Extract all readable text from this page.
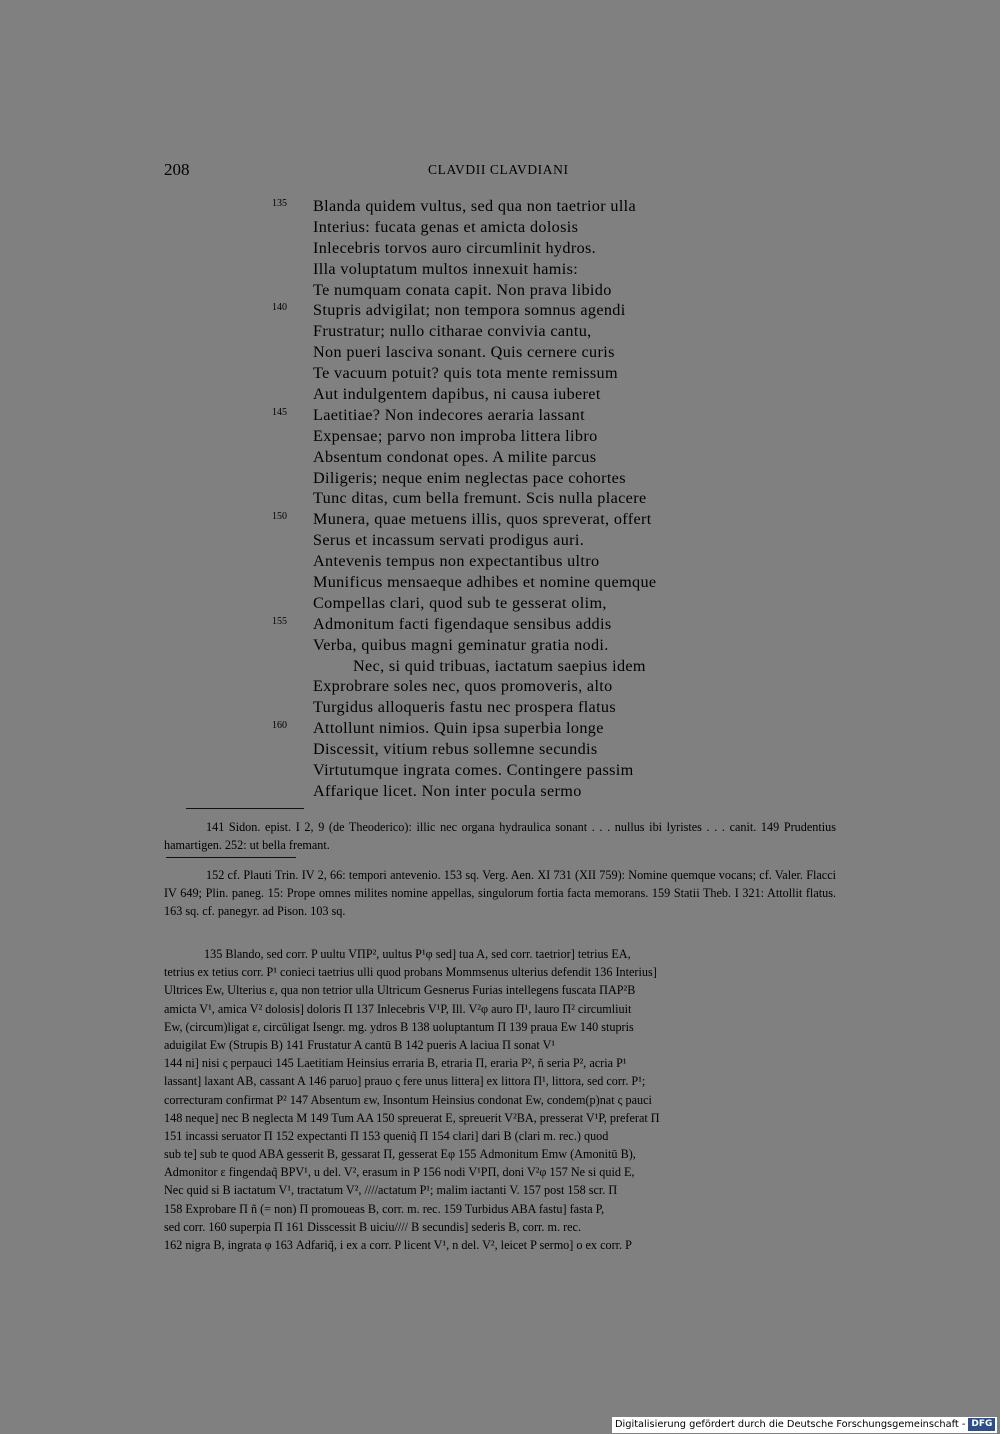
208	CLAVDII CLAVDIANI
135 Blanda quidem vultus, sed qua non taetrior ulla
Interius: fucata genas et amicta dolosis
Inlecebris torvos auro circumlinit hydros.
Illa voluptatum multos innexuit hamis:
Te numquam conata capit. Non prava libido
140 Stupris advigilat; non tempora somnus agendi
Frustratur; nullo citharae convivia cantu,
Non pueri lasciva sonant. Quis cernere curis
Te vacuum potuit? quis tota mente remissum
Aut indulgentem dapibus, ni causa iuberet
145 Laetitiae? Non indecores aeraria lassant
Expensae; parvo non improba littera libro
Absentum condonat opes. A milite parcus
Diligeris; neque enim neglectas pace cohortes
Tunc ditas, cum bella fremunt. Scis nulla placere
150 Munera, quae metuens illis, quos spreverat, offert
Serus et incassum servati prodigus auri.
Antevenis tempus non expectantibus ultro
Munificus mensaeque adhibes et nomine quemque
Compellas clari, quod sub te gesserat olim,
155 Admonitum facti figendaque sensibus addis
Verba, quibus magni geminatur gratia nodi.
Nec, si quid tribuas, iactatum saepius idem
Exprobrare soles nec, quos promoveris, alto
Turgidus alloqueris fastu nec prospera flatus
160 Attollunt nimios. Quin ipsa superbia longe
Discessit, vitium rebus sollemne secundis
Virtutumque ingrata comes. Contingere passim
Affarique licet. Non inter pocula sermo

141 Sidon. epist. I 2, 9 (de Theoderico): illic nec organa hydraulica sonant . . . nullus ibi lyristes . . . canit. 149 Prudentius hamartigen. 252: ut bella fremant.

152 cf. Plauti Trin. IV 2, 66: tempori antevenio. 153 sq. Verg. Aen. XI 731 (XII 759): Nomine quemque vocans; cf. Valer. Flacci IV 649; Plin. paneg. 15: Prope omnes milites nomine appellas, singulorum fortia facta memorans. 159 Statii Theb. I 321: Attollit flatus. 163 sq. cf. panegyr. ad Pison. 103 sq.

135 Blando, sed corr. P uultu VΠP², uultus P¹φ sed] tua A, sed corr. taetrior] tetrius EA,
tetrius ex tetius corr. P¹ conieci taetrius ulli quod probans Mommsenus ulterius defendit 136 Interius]
Ultrices Ew, Ulterius ε, qua non tetrior ulla Ultricum Gesnerus Furias intellegens fuscata ΠAP²B
amicta V¹, amica V² dolosis] doloris Π 137 Inlecebris V¹P, Ill. V²φ auro Π¹, lauro Π² circumliuit
Ew, (circum)ligat ε, circūligat Isengr. mg. ydros B 138 uoluptantum Π 139 praua Ew 140 stupris
aduigilat Ew (Strupis B) 141 Frustatur A cantū B 142 pueris A laciua Π sonat V¹
144 ni] nisi ς perpauci 145 Laetitiam Heinsius erraria B, etraria Π, eraria P², ñ seria P², acria P¹
lassant] laxant AB, cassant A 146 paruo] prauo ς fere unus littera] ex littora Π¹, littora, sed corr. P¹;
correcturam confirmat P² 147 Absentum εw, Insontum Heinsius condonat Ew, condem(p)nat ς pauci
148 neque] nec B neglecta M 149 Tum AA 150 spreuerat E, spreuerit V²BA, presserat V¹P, preferat Π
151 incassi seruator Π 152 expectanti Π 153 queniq̃ Π 154 clari] dari B (clari m. rec.) quod
sub te] sub te quod ABA gesserit B, gessarat Π, gesserat Eφ 155 Admonitum Emw (Amonitū B),
Admonitor ε fingendaq̃ BPV¹, u del. V², erasum in P 156 nodi V¹PΠ, doni V²φ 157 Ne si quid E,
Nec quid si B iactatum V¹, tractatum V², ////actatum P¹; malim iactanti V. 157 post 158 scr. Π
158 Exprobare Π ñ (= non) Π promoueas B, corr. m. rec. 159 Turbidus ABA fastu] fasta P,
sed corr. 160 superpia Π 161 Disscessit B uiciu//// B secundis] sederis B, corr. m. rec.
162 nigra B, ingrata φ 163 Adfariq̃, i ex a corr. P licent V¹, n del. V², leicet P sermo] o ex corr. P
Digitalisierung gefördert durch die Deutsche Forschungsgemeinschaft - DFG
